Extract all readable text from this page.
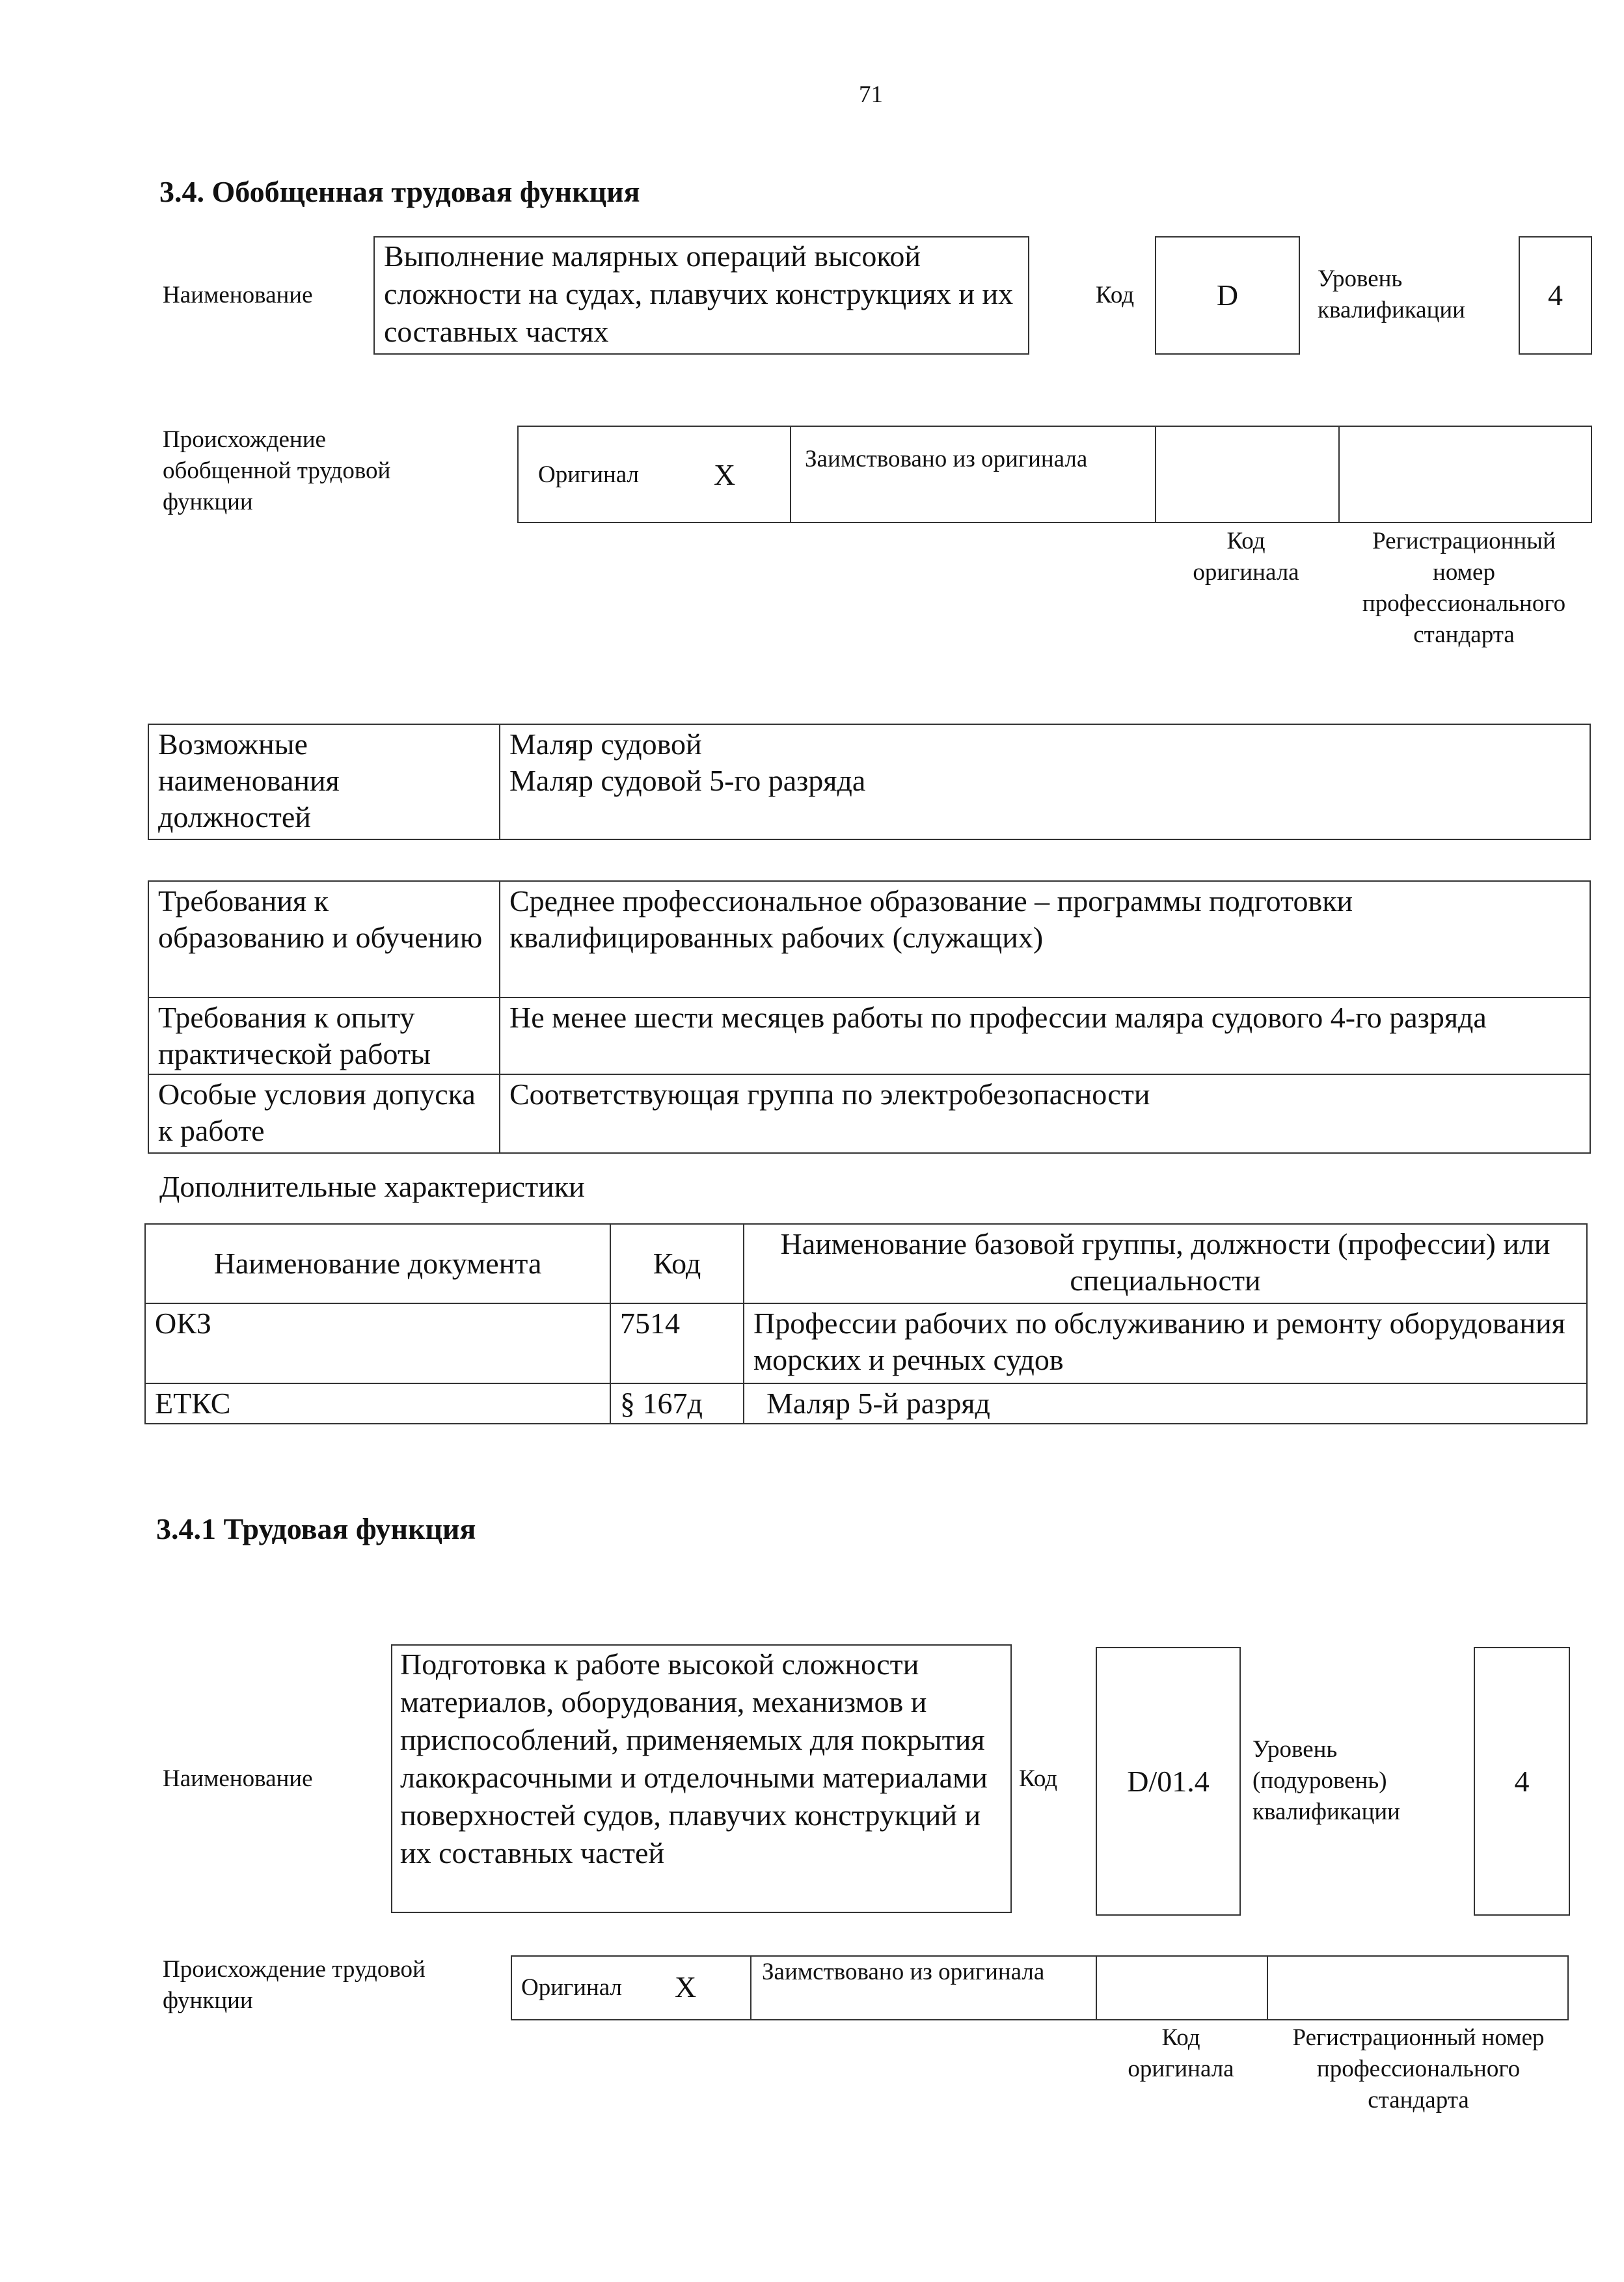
71
3.4. Обобщенная трудовая функция
Наименование
Выполнение малярных операций высокой сложности на судах, плавучих конструкциях и их составных частях
Код	D	Уровень квалификации	4
Происхождение обобщенной трудовой функции
Оригинал X	Заимствовано из оригинала
Код оригинала
Регистрационный номер профессионального стандарта
Возможные наименования должностей	
Маляр судовой
Маляр судовой 5-го разряда
Требования к образованию и обучению	Среднее профессиональное образование – программы подготовки квалифицированных рабочих (служащих)
Требования к опыту практической работы	Не менее шести месяцев работы по профессии маляра судового 4-го разряда
Особые условия допуска к работе	Соответствующая группа по электробезопасности
Дополнительные характеристики
Наименование документа	Код	Наименование базовой группы, должности (профессии) или специальности
ОКЗ	7514	Профессии рабочих по обслуживанию и ремонту оборудования морских и речных судов
ЕТКС	§ 167д	Маляр 5-й разряд
3.4.1 Трудовая функция
Наименование
Подготовка к работе высокой сложности материалов, оборудования, механизмов и приспособлений, применяемых для покрытия лакокрасочными и отделочными материалами поверхностей судов, плавучих конструкций и их составных частей
Код	D/01.4
Уровень (подуровень) квалификации
4
Происхождение трудовой функции	Оригинал X	Заимствовано из оригинала
Код оригинала
Регистрационный номер профессионального стандарта
